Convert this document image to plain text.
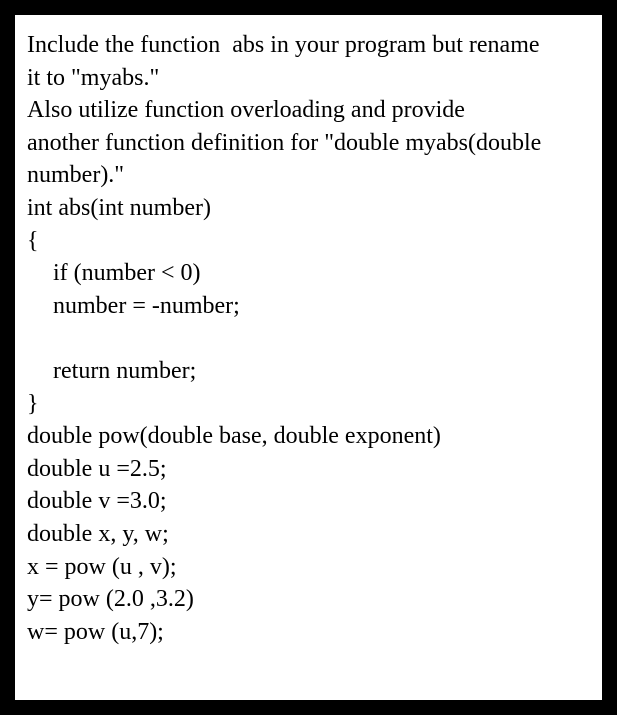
Include the function  abs in your program but rename
it to "myabs."
Also utilize function overloading and provide
another function definition for "double myabs(double
number)."
int abs(int number)
{
if (number < 0)
number = -number;
return number;
}
double pow(double base, double exponent)
double u =2.5;
double v =3.0;
double x, y, w;
x = pow (u , v);
y= pow (2.0 ,3.2)
w= pow (u,7);
